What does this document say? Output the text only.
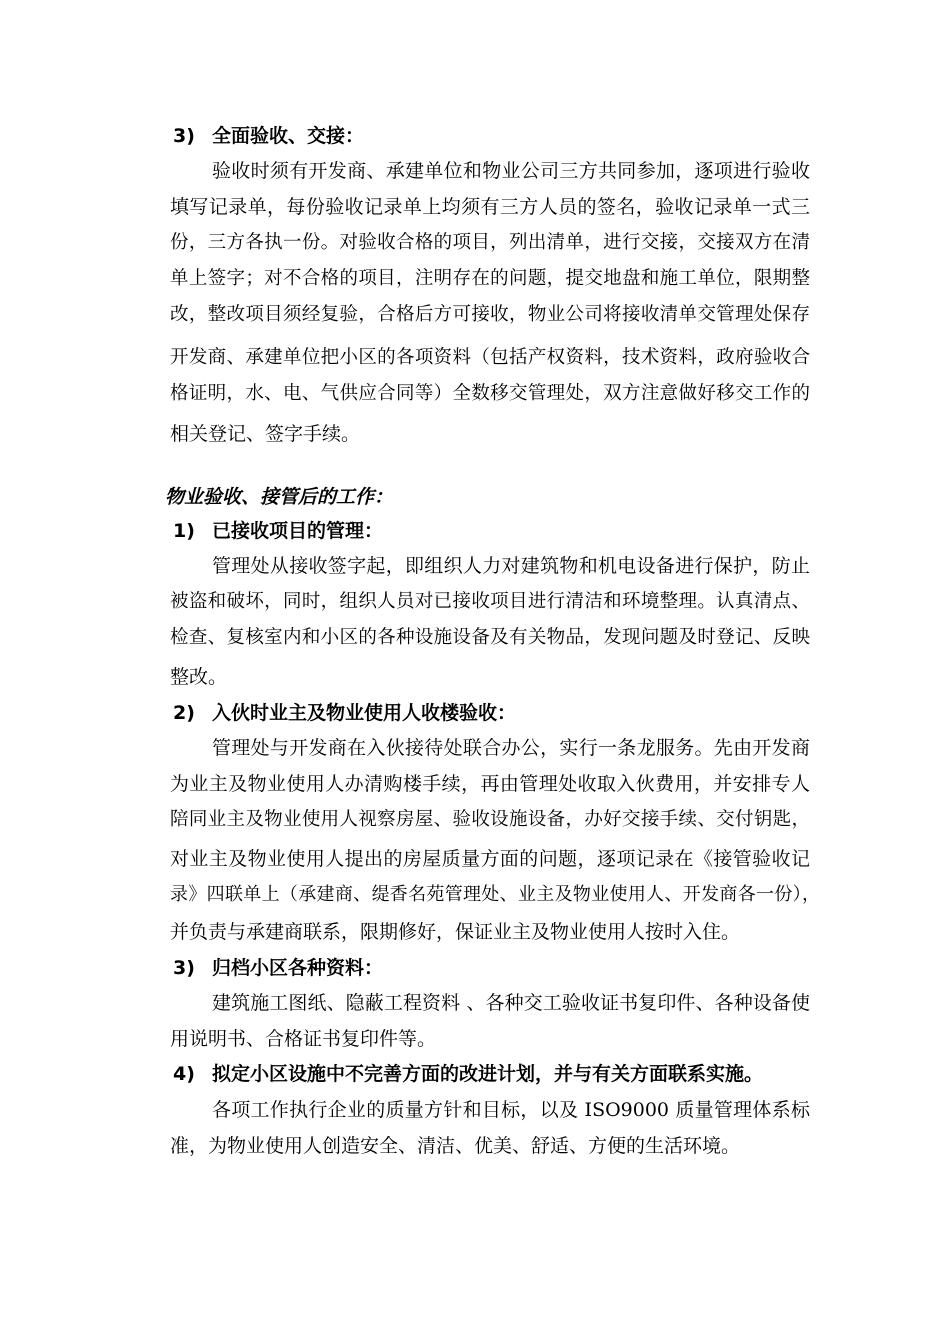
3) 全面验收、交接：
验收时须有开发商、承建单位和物业公司三方共同参加，逐项进行验收
填写记录单，每份验收记录单上均须有三方人员的签名，验收记录单一式三
份，三方各执一份。对验收合格的项目，列出清单，进行交接，交接双方在清
单上签字；对不合格的项目，注明存在的问题，提交地盘和施工单位，限期整
改，整改项目须经复验，合格后方可接收，物业公司将接收清单交管理处保存
开发商、承建单位把小区的各项资料（包括产权资料，技术资料，政府验收合
格证明，水、电、气供应合同等）全数移交管理处，双方注意做好移交工作的
相关登记、签字手续。
物业验收、接管后的工作：
1) 已接收项目的管理：
管理处从接收签字起，即组织人力对建筑物和机电设备进行保护，防止
被盗和破坏，同时，组织人员对已接收项目进行清洁和环境整理。认真清点、
检查、复核室内和小区的各种设施设备及有关物品，发现问题及时登记、反映
整改。
2) 入伙时业主及物业使用人收楼验收：
管理处与开发商在入伙接待处联合办公，实行一条龙服务。先由开发商
为业主及物业使用人办清购楼手续，再由管理处收取入伙费用，并安排专人
陪同业主及物业使用人视察房屋、验收设施设备，办好交接手续、交付钥匙，
对业主及物业使用人提出的房屋质量方面的问题，逐项记录在《接管验收记
录》四联单上（承建商、缇香名苑管理处、业主及物业使用人、开发商各一份），
并负责与承建商联系，限期修好，保证业主及物业使用人按时入住。
3) 归档小区各种资料：
建筑施工图纸、隐蔽工程资料 、各种交工验收证书复印件、各种设备使
用说明书、合格证书复印件等。
4) 拟定小区设施中不完善方面的改进计划，并与有关方面联系实施。
各项工作执行企业的质量方针和目标，以及 ISO9000 质量管理体系标
准，为物业使用人创造安全、清洁、优美、舒适、方便的生活环境。
